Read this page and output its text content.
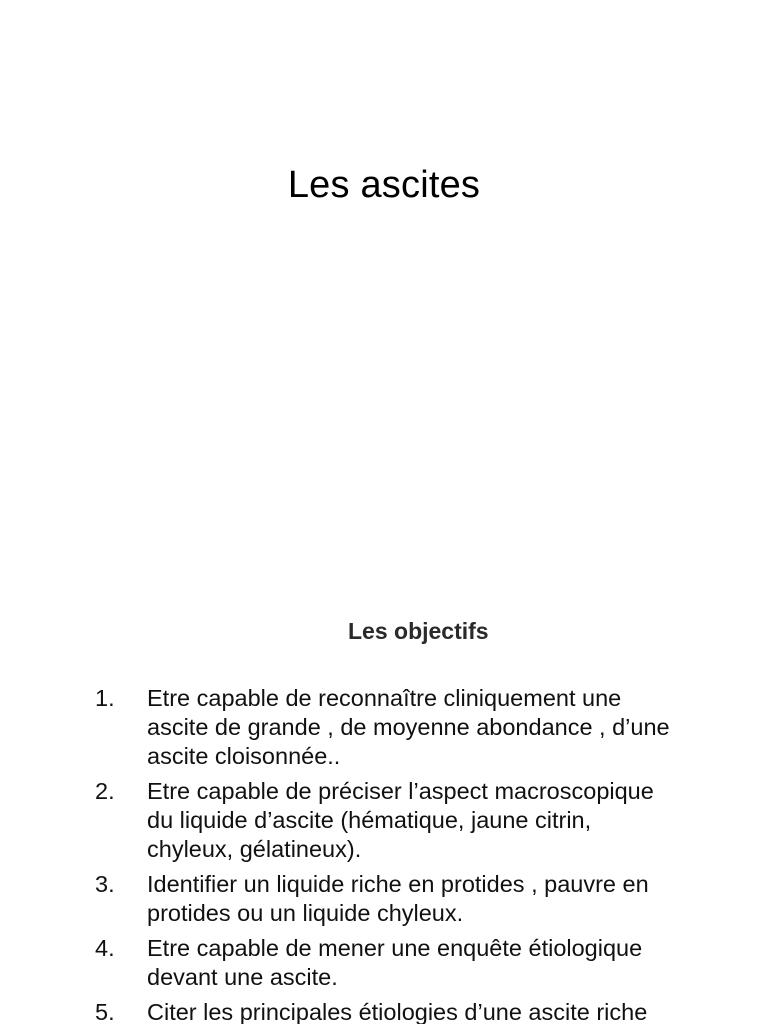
Les ascites
Les objectifs
1.	Etre capable de reconnaître cliniquement une
ascite de grande , de moyenne abondance , d’une
ascite cloisonnée..
2.	Etre capable de préciser l’aspect macroscopique
du liquide d’ascite (hématique, jaune citrin,
chyleux, gélatineux).
3.	Identifier un liquide riche en protides , pauvre en
protides ou un liquide chyleux.
4.	Etre capable de mener une enquête étiologique
devant une ascite.
5.	Citer les principales étiologies d’une ascite riche
